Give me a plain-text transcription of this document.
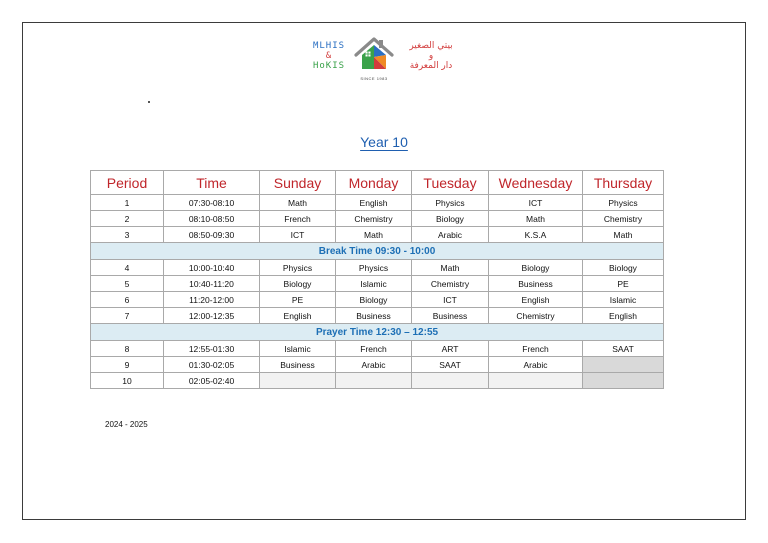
MLHIS
&
HoKIS
SINCE 1983
بيتي الصغير
و
دار المعرفة
Year 10
Period	Time	Sunday	Monday	Tuesday	Wednesday	Thursday
1	07:30-08:10	Math	English	Physics	ICT	Physics
2	08:10-08:50	French	Chemistry	Biology	Math	Chemistry
3	08:50-09:30	ICT	Math	Arabic	K.S.A	Math
Break Time 09:30 - 10:00						
4	10:00-10:40	Physics	Physics	Math	Biology	Biology
5	10:40-11:20	Biology	Islamic	Chemistry	Business	PE
6	11:20-12:00	PE	Biology	ICT	English	Islamic
7	12:00-12:35	English	Business	Business	Chemistry	English
Prayer Time 12:30 – 12:55						
8	12:55-01:30	Islamic	French	ART	French	SAAT
9	01:30-02:05	Business	Arabic	SAAT	Arabic	
10	02:05-02:40					
2024 - 2025
